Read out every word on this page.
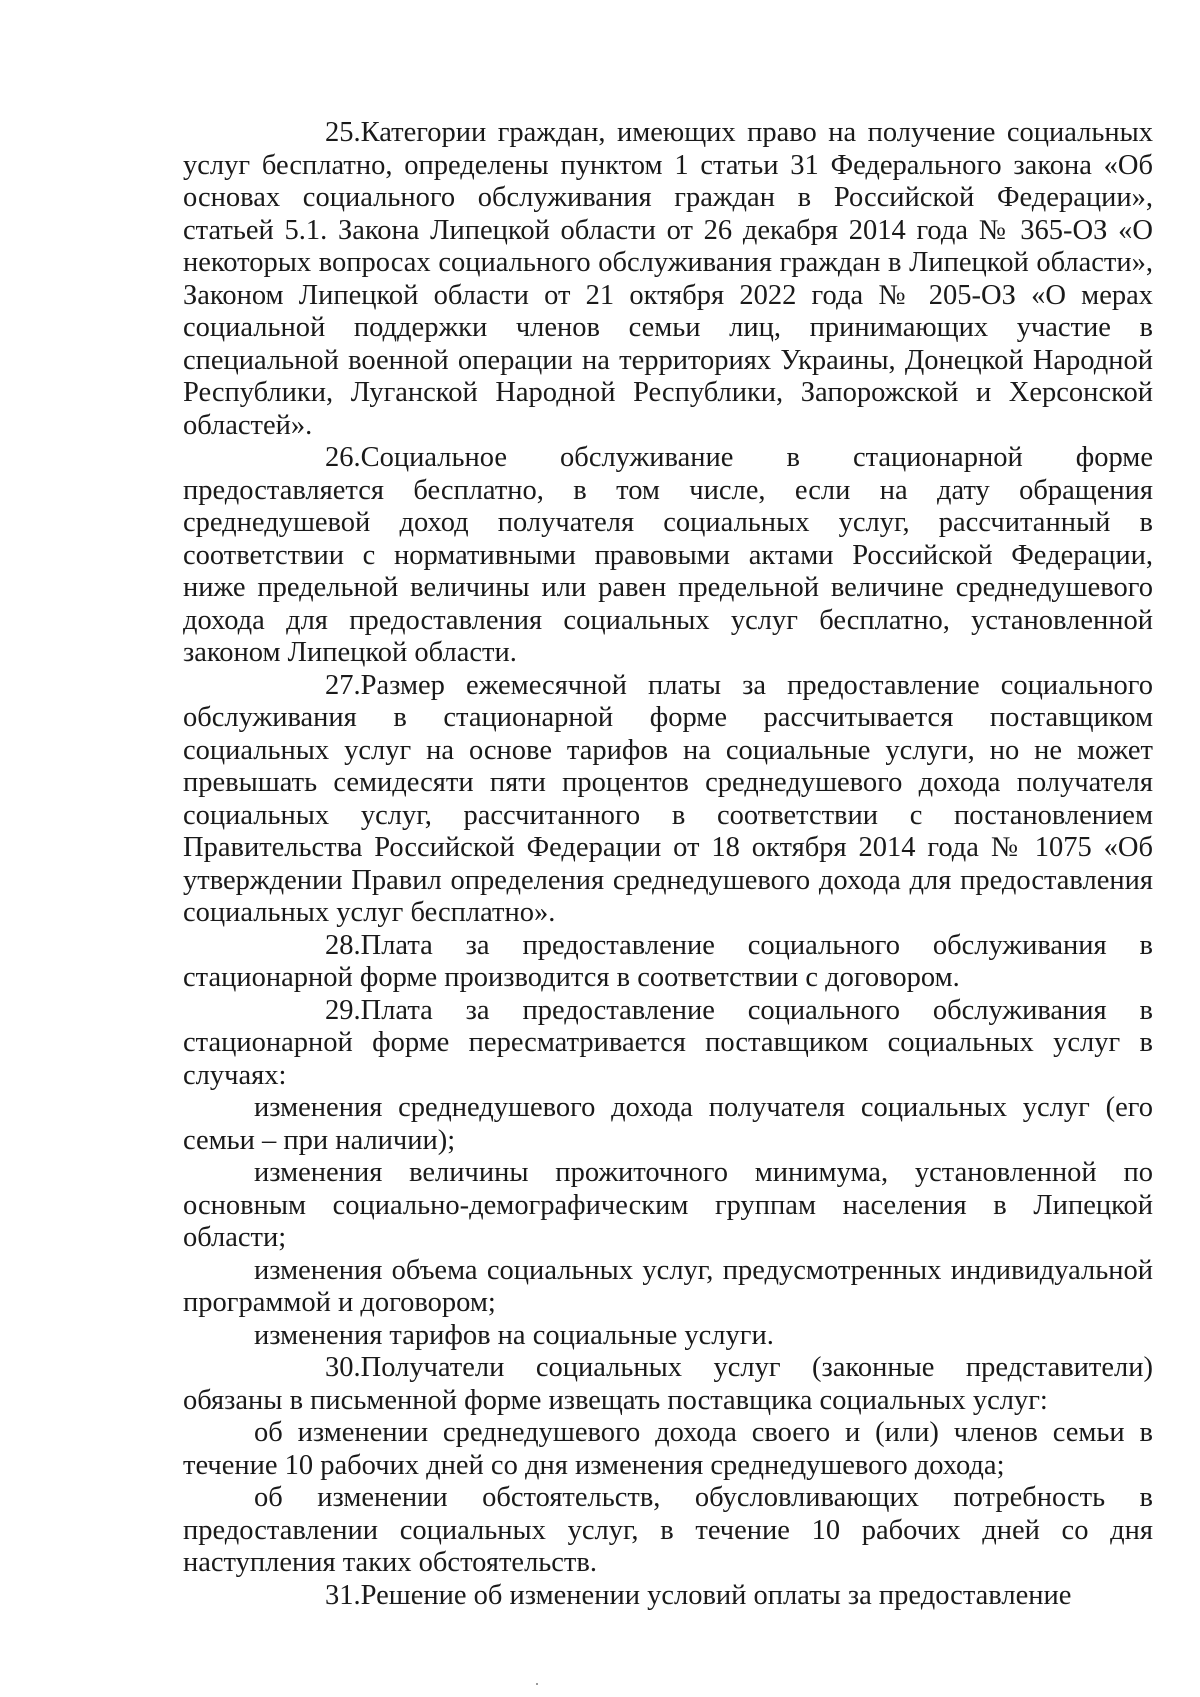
25.Категории граждан, имеющих право на получение социальных услуг бесплатно, определены пунктом 1 статьи 31 Федерального закона «Об основах социального обслуживания граждан в Российской Федерации», статьей 5.1. Закона Липецкой области от 26 декабря 2014 года № 365-ОЗ «О некоторых вопросах социального обслуживания граждан в Липецкой области», Законом Липецкой области от 21 октября 2022 года № 205-ОЗ «О мерах социальной поддержки членов семьи лиц, принимающих участие в специальной военной операции на территориях Украины, Донецкой Народной Республики, Луганской Народной Республики, Запорожской и Херсонской областей».

26.Социальное обслуживание в стационарной форме предоставляется бесплатно, в том числе, если на дату обращения среднедушевой доход получателя социальных услуг, рассчитанный в соответствии с нормативными правовыми актами Российской Федерации, ниже предельной величины или равен предельной величине среднедушевого дохода для предоставления социальных услуг бесплатно, установленной законом Липецкой области.

27.Размер ежемесячной платы за предоставление социального обслуживания в стационарной форме рассчитывается поставщиком социальных услуг на основе тарифов на социальные услуги, но не может превышать семидесяти пяти процентов среднедушевого дохода получателя социальных услуг, рассчитанного в соответствии с постановлением Правительства Российской Федерации от 18 октября 2014 года № 1075 «Об утверждении Правил определения среднедушевого дохода для предоставления социальных услуг бесплатно».

28.Плата за предоставление социального обслуживания в стационарной форме производится в соответствии с договором.

29.Плата за предоставление социального обслуживания в стационарной форме пересматривается поставщиком социальных услуг в случаях:

изменения среднедушевого дохода получателя социальных услуг (его семьи – при наличии);

изменения величины прожиточного минимума, установленной по основным социально-демографическим группам населения в Липецкой области;

изменения объема социальных услуг, предусмотренных индивидуальной программой и договором;

изменения тарифов на социальные услуги.

30.Получатели социальных услуг (законные представители) обязаны в письменной форме извещать поставщика социальных услуг:

об изменении среднедушевого дохода своего и (или) членов семьи в течение 10 рабочих дней со дня изменения среднедушевого дохода;

об изменении обстоятельств, обусловливающих потребность в предоставлении социальных услуг, в течение 10 рабочих дней со дня наступления таких обстоятельств.

31.Решение об изменении условий оплаты за предоставление
